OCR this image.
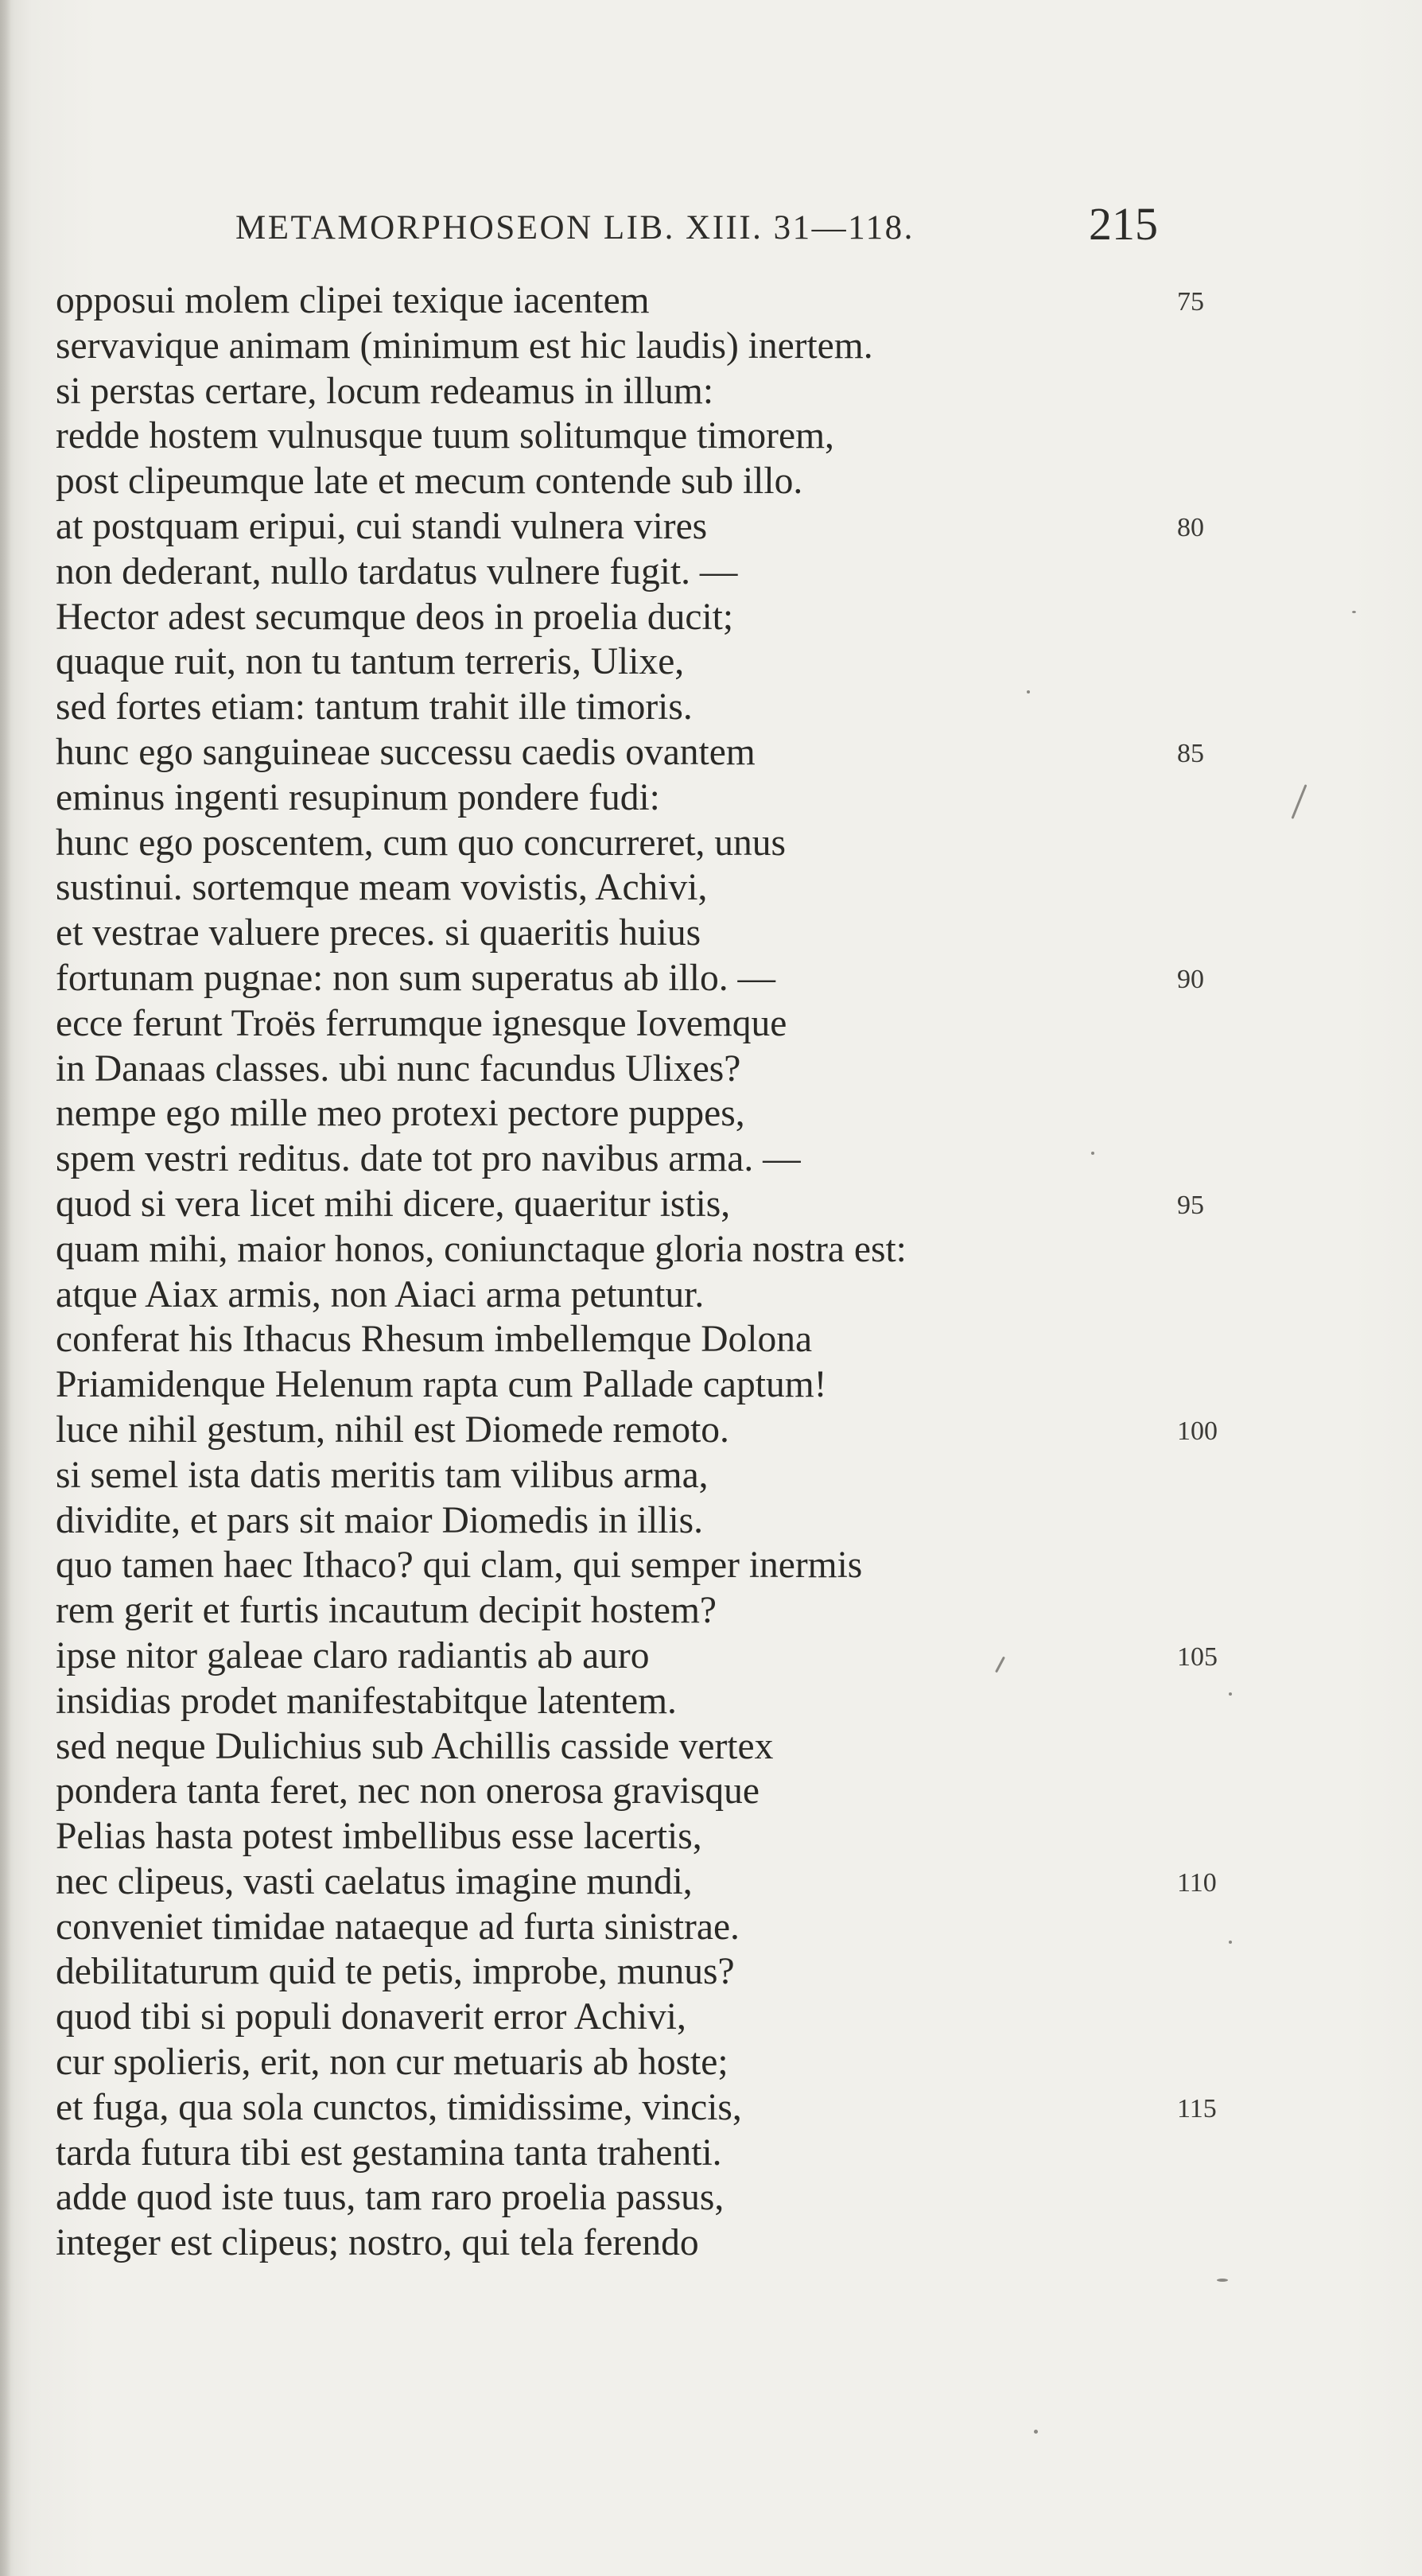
METAMORPHOSEON LIB. XIII. 31—118.	215
opposui molem clipei texique iacentem	75
servavique animam (minimum est hic laudis) inertem.
si perstas certare, locum redeamus in illum:
redde hostem vulnusque tuum solitumque timorem,
post clipeumque late et mecum contende sub illo.
at postquam eripui, cui standi vulnera vires	80
non dederant, nullo tardatus vulnere fugit. —
Hector adest secumque deos in proelia ducit;
quaque ruit, non tu tantum terreris, Ulixe,
sed fortes etiam: tantum trahit ille timoris.
hunc ego sanguineae successu caedis ovantem	85
eminus ingenti resupinum pondere fudi:
hunc ego poscentem, cum quo concurreret, unus
sustinui. sortemque meam vovistis, Achivi,
et vestrae valuere preces. si quaeritis huius
fortunam pugnae: non sum superatus ab illo. —	90
ecce ferunt Troës ferrumque ignesque Iovemque
in Danaas classes. ubi nunc facundus Ulixes?
nempe ego mille meo protexi pectore puppes,
spem vestri reditus. date tot pro navibus arma. —
quod si vera licet mihi dicere, quaeritur istis,	95
quam mihi, maior honos, coniunctaque gloria nostra est:
atque Aiax armis, non Aiaci arma petuntur.
conferat his Ithacus Rhesum imbellemque Dolona
Priamidenque Helenum rapta cum Pallade captum!
luce nihil gestum, nihil est Diomede remoto.	100
si semel ista datis meritis tam vilibus arma,
dividite, et pars sit maior Diomedis in illis.
quo tamen haec Ithaco? qui clam, qui semper inermis
rem gerit et furtis incautum decipit hostem?
ipse nitor galeae claro radiantis ab auro	105
insidias prodet manifestabitque latentem.
sed neque Dulichius sub Achillis casside vertex
pondera tanta feret, nec non onerosa gravisque
Pelias hasta potest imbellibus esse lacertis,
nec clipeus, vasti caelatus imagine mundi,	110
conveniet timidae nataeque ad furta sinistrae.
debilitaturum quid te petis, improbe, munus?
quod tibi si populi donaverit error Achivi,
cur spolieris, erit, non cur metuaris ab hoste;
et fuga, qua sola cunctos, timidissime, vincis,	115
tarda futura tibi est gestamina tanta trahenti.
adde quod iste tuus, tam raro proelia passus,
integer est clipeus; nostro, qui tela ferendo
